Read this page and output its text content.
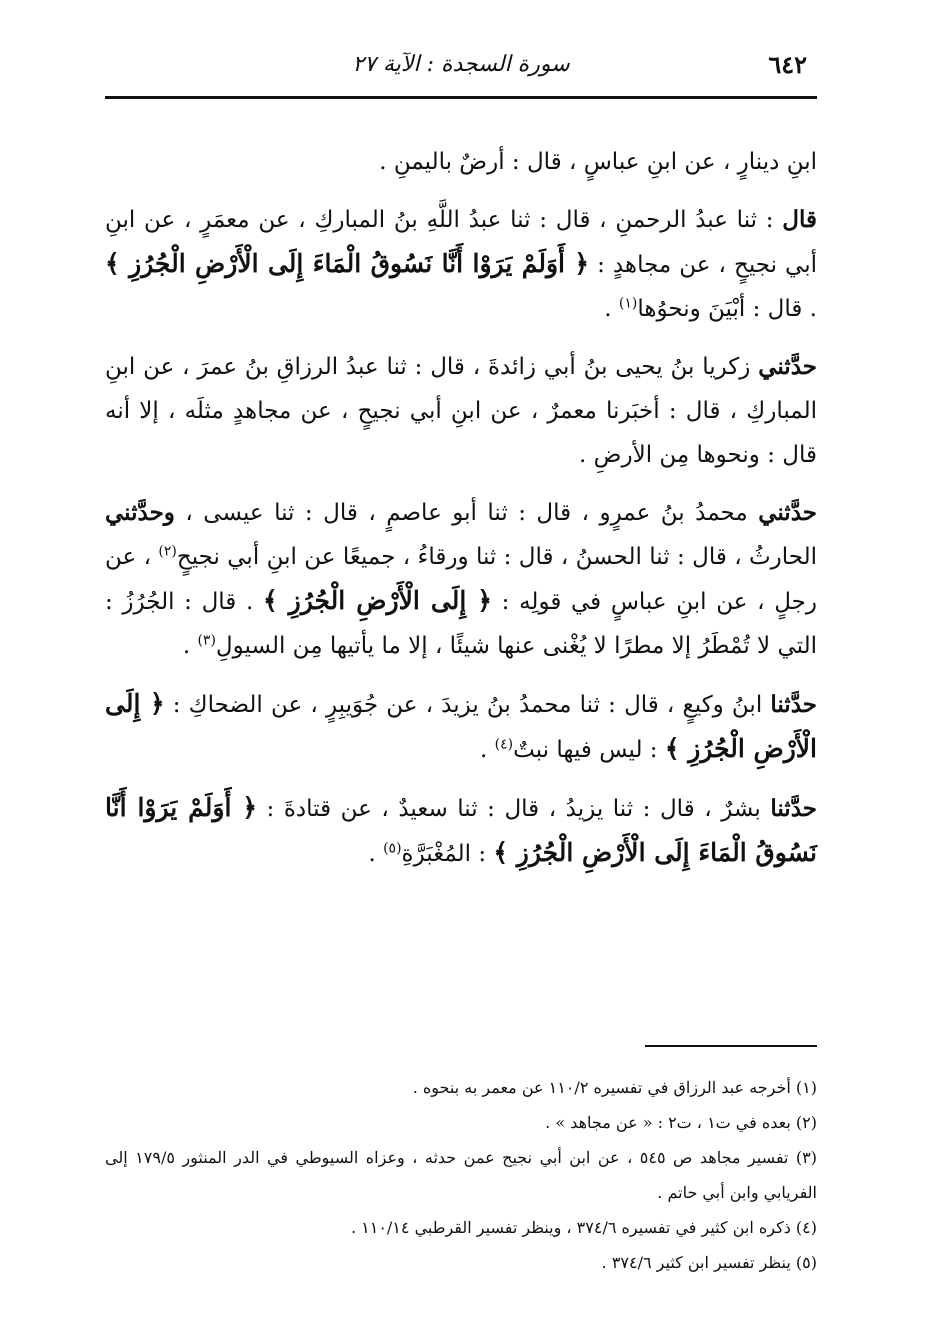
٦٤٢
سورة السجدة : الآية ٢٧

ابنِ دينارٍ ، عن ابنِ عباسٍ ، قال : أرضٌ باليمنِ .

قال : ثنا عبدُ الرحمنِ ، قال : ثنا عبدُ اللَّهِ بنُ المباركِ ، عن معمَرٍ ، عن ابنِ أبي نجيحٍ ، عن مجاهدٍ : ﴿ أَوَلَمْ يَرَوْا أَنَّا نَسُوقُ الْمَاءَ إِلَى الْأَرْضِ الْجُرُزِ ﴾ . قال : أبْيَنَ ونحوُها$^{(١)}$ .

حدَّثني زكريا بنُ يحيى بنُ أبي زائدةَ ، قال : ثنا عبدُ الرزاقِ بنُ عمرَ ، عن ابنِ المباركِ ، قال : أخبَرنا معمرٌ ، عن ابنِ أبي نجيحٍ ، عن مجاهدٍ مثلَه ، إلا أنه قال : ونحوها مِن الأرضِ .

حدَّثني محمدُ بنُ عمرٍو ، قال : ثنا أبو عاصمٍ ، قال : ثنا عيسى ، وحدَّثني الحارثُ ، قال : ثنا الحسنُ ، قال : ثنا ورقاءُ ، جميعًا عن ابنِ أبي نجيحٍ$^{(٢)}$ ، عن رجلٍ ، عن ابنِ عباسٍ في قولِه : ﴿ إِلَى الْأَرْضِ الْجُرُزِ ﴾ . قال : الجُرُزُ : التي لا تُمْطَرُ إلا مطرًا لا يُغْنى عنها شيئًا ، إلا ما يأتيها مِن السيولِ$^{(٣)}$ .

حدَّثنا ابنُ وكيعٍ ، قال : ثنا محمدُ بنُ يزيدَ ، عن جُوَيبِرٍ ، عن الضحاكِ : ﴿ إِلَى الْأَرْضِ الْجُرُزِ ﴾ : ليس فيها نبتٌ$^{(٤)}$ .

حدَّثنا بشرٌ ، قال : ثنا يزيدُ ، قال : ثنا سعيدٌ ، عن قتادةَ : ﴿ أَوَلَمْ يَرَوْا أَنَّا نَسُوقُ الْمَاءَ إِلَى الْأَرْضِ الْجُرُزِ ﴾ : المُغْبَرَّةِ$^{(٥)}$ .

(١) أخرجه عبد الرزاق في تفسيره ١١٠/٢ عن معمر به بنحوه .

(٢) بعده في ت١ ، ت٢ : « عن مجاهد » .

(٣) تفسير مجاهد ص ٥٤٥ ، عن ابن أبي نجيح عمن حدثه ، وعزاه السيوطي في الدر المنثور ١٧٩/٥ إلى الفريابي وابن أبي حاتم .

(٤) ذكره ابن كثير في تفسيره ٣٧٤/٦ ، وينظر تفسير القرطبي ١١٠/١٤ .

(٥) ينظر تفسير ابن كثير ٣٧٤/٦ .
